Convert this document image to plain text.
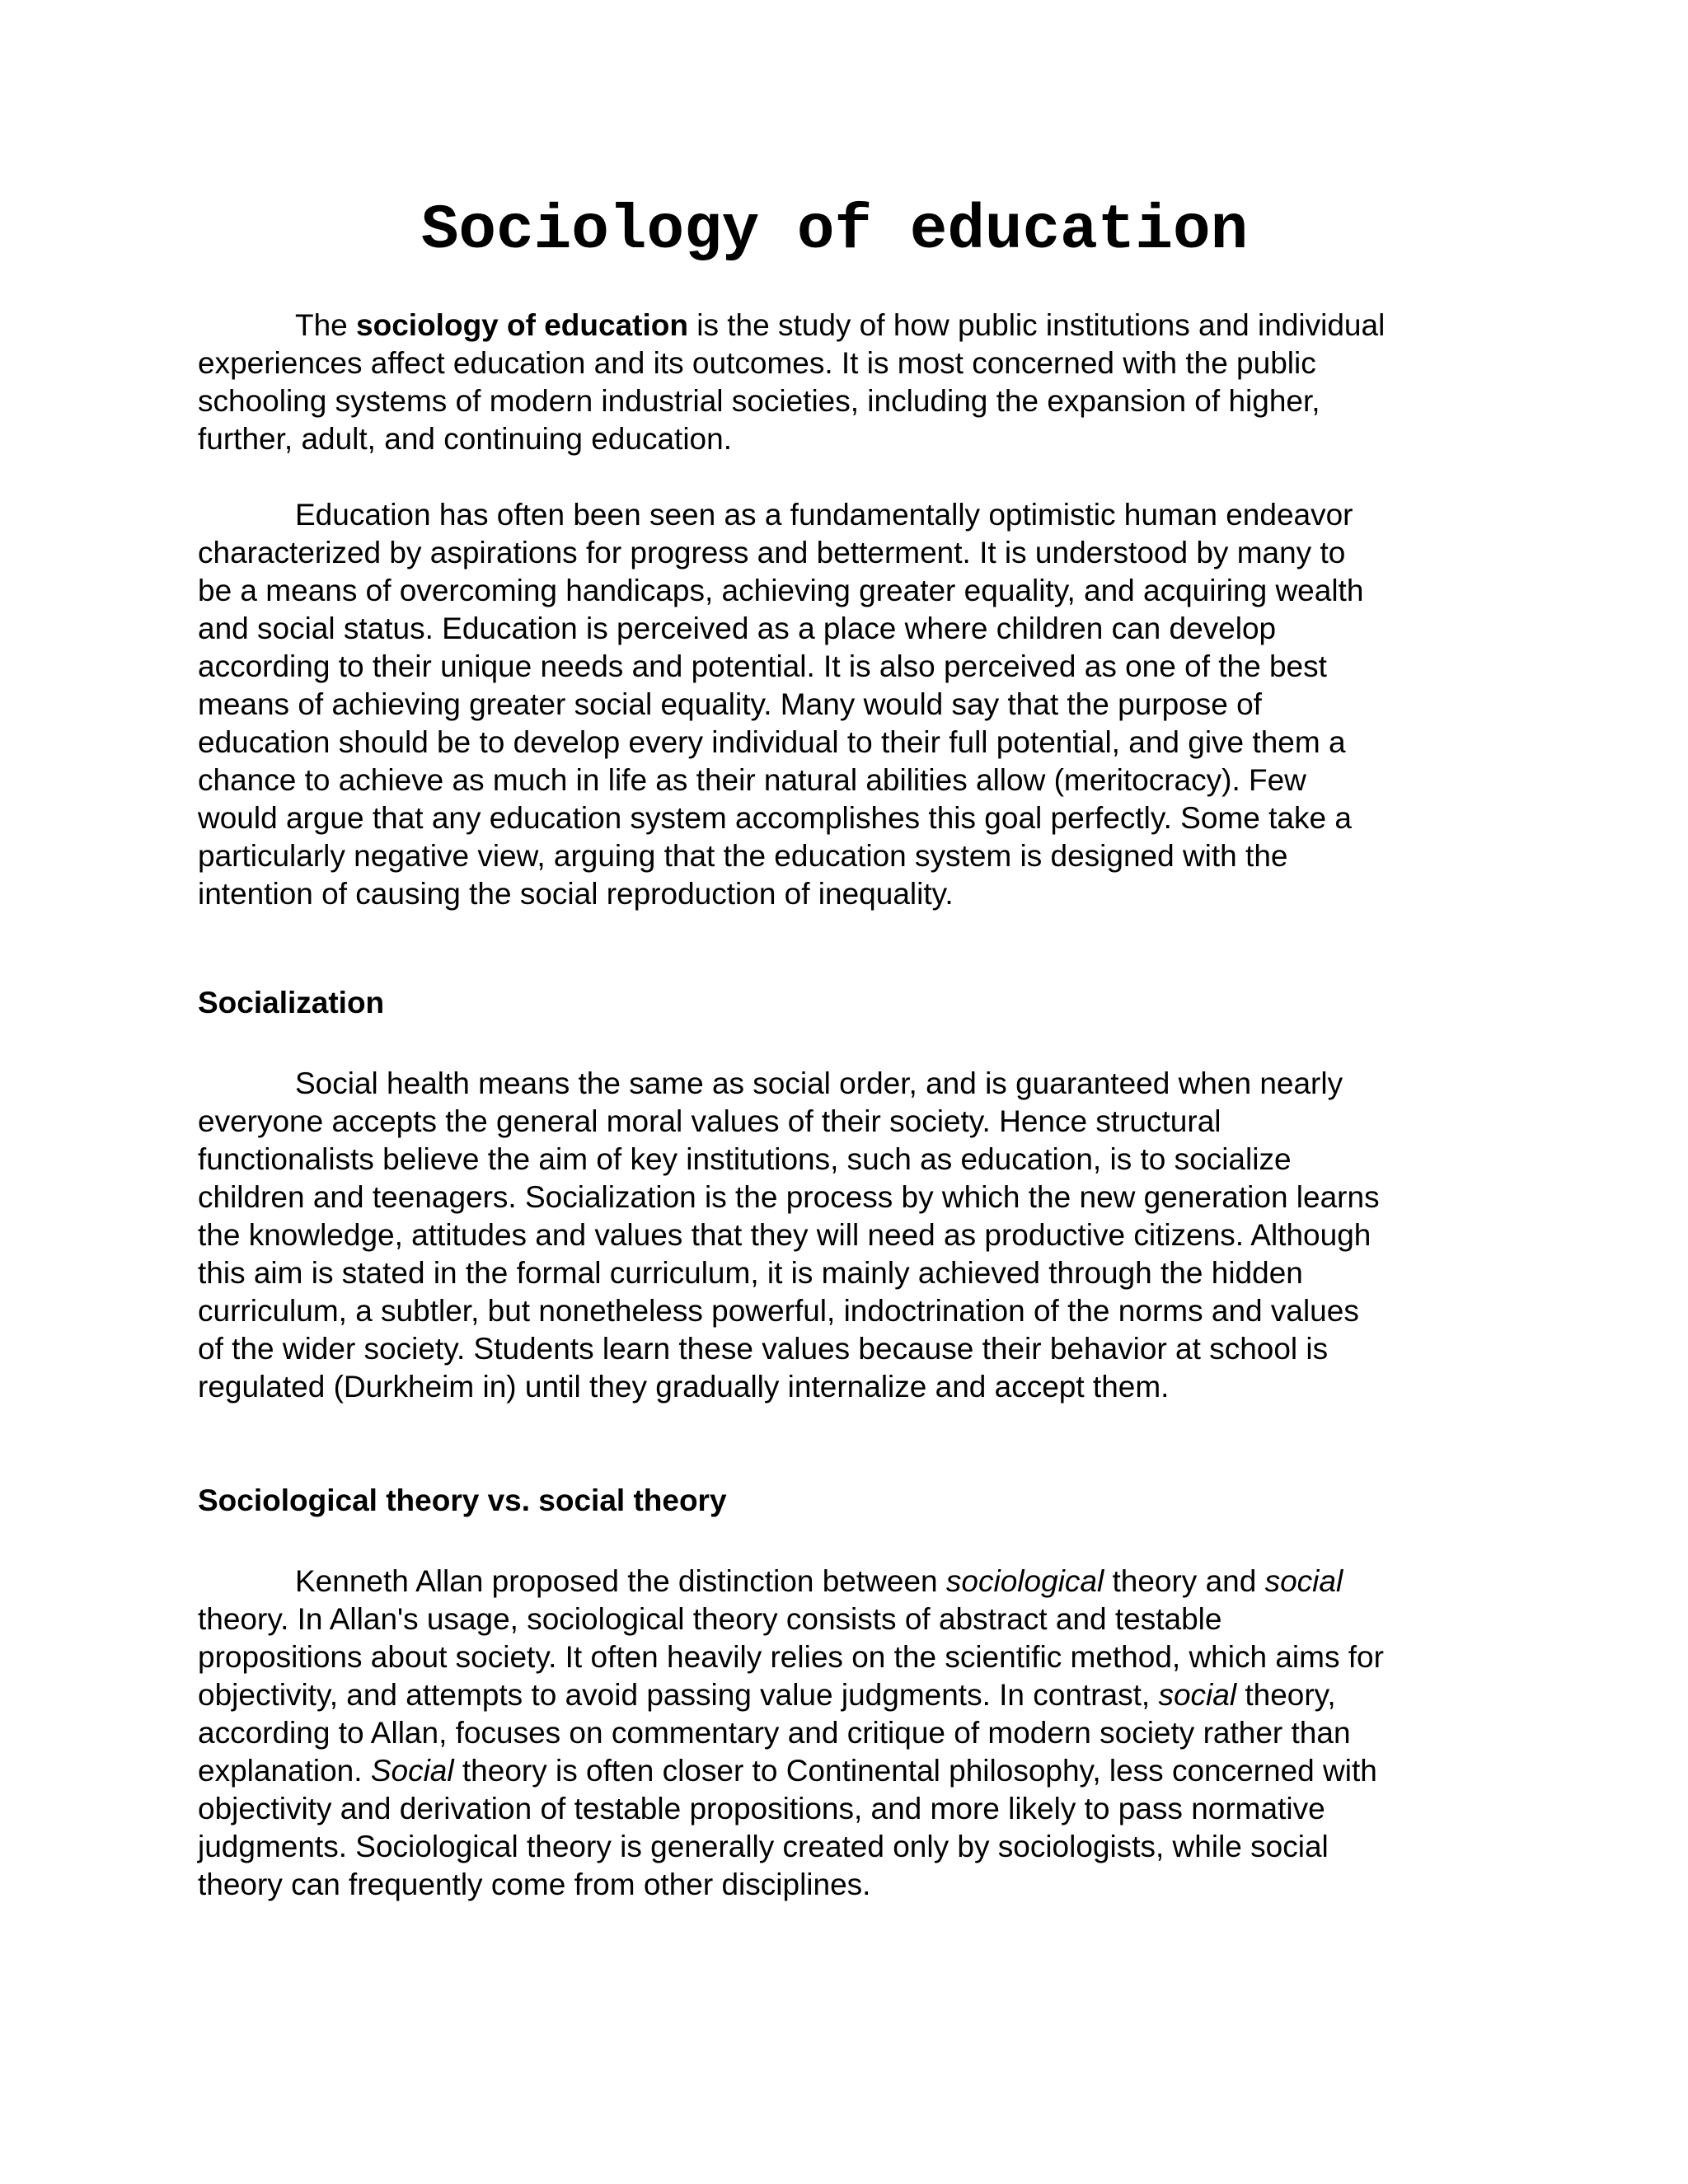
Sociology of education
The sociology of education is the study of how public institutions and individual
experiences affect education and its outcomes. It is most concerned with the public
schooling systems of modern industrial societies, including the expansion of higher,
further, adult, and continuing education.
Education has often been seen as a fundamentally optimistic human endeavor
characterized by aspirations for progress and betterment. It is understood by many to
be a means of overcoming handicaps, achieving greater equality, and acquiring wealth
and social status. Education is perceived as a place where children can develop
according to their unique needs and potential. It is also perceived as one of the best
means of achieving greater social equality. Many would say that the purpose of
education should be to develop every individual to their full potential, and give them a
chance to achieve as much in life as their natural abilities allow (meritocracy). Few
would argue that any education system accomplishes this goal perfectly. Some take a
particularly negative view, arguing that the education system is designed with the
intention of causing the social reproduction of inequality.
Socialization
Social health means the same as social order, and is guaranteed when nearly
everyone accepts the general moral values of their society. Hence structural
functionalists believe the aim of key institutions, such as education, is to socialize
children and teenagers. Socialization is the process by which the new generation learns
the knowledge, attitudes and values that they will need as productive citizens. Although
this aim is stated in the formal curriculum, it is mainly achieved through the hidden
curriculum, a subtler, but nonetheless powerful, indoctrination of the norms and values
of the wider society. Students learn these values because their behavior at school is
regulated (Durkheim in) until they gradually internalize and accept them.
Sociological theory vs. social theory
Kenneth Allan proposed the distinction between sociological theory and social
theory. In Allan's usage, sociological theory consists of abstract and testable
propositions about society. It often heavily relies on the scientific method, which aims for
objectivity, and attempts to avoid passing value judgments. In contrast, social theory,
according to Allan, focuses on commentary and critique of modern society rather than
explanation. Social theory is often closer to Continental philosophy, less concerned with
objectivity and derivation of testable propositions, and more likely to pass normative
judgments. Sociological theory is generally created only by sociologists, while social
theory can frequently come from other disciplines.
